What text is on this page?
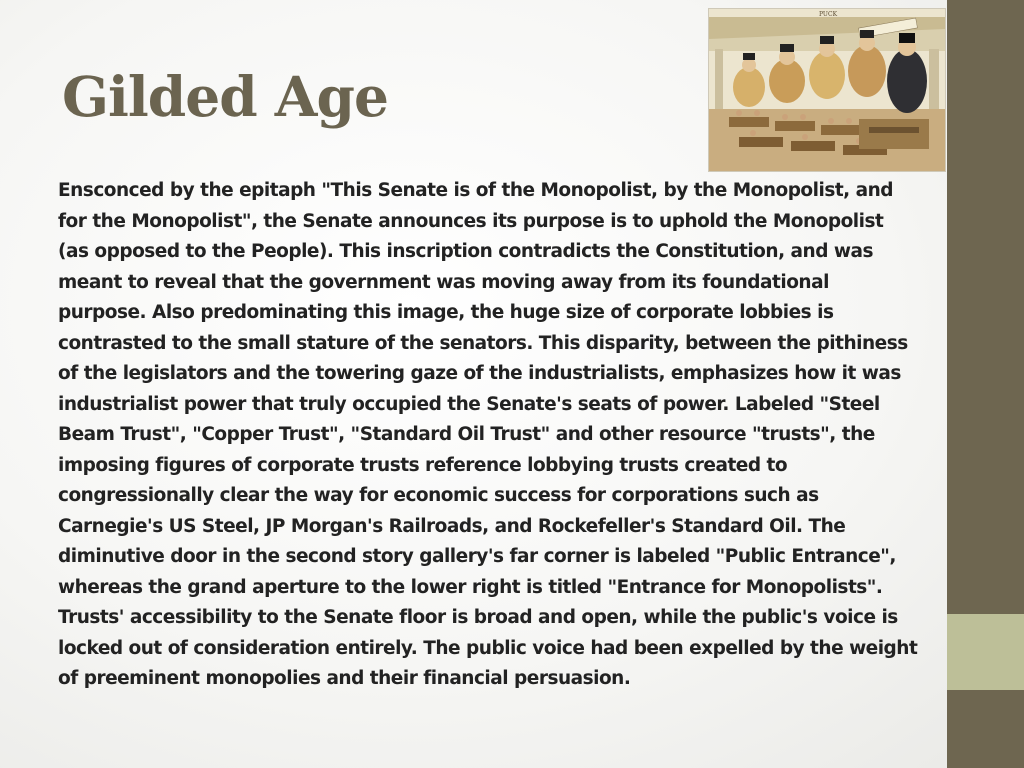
Gilded Age
PUCK

Ensconced by the epitaph "This Senate is of the Monopolist, by the Monopolist, and for the Monopolist", the Senate announces its purpose is to uphold the Monopolist (as opposed to the People). This inscription contradicts the Constitution, and was meant to reveal that the government was moving away from its foundational purpose. Also predominating this image, the huge size of corporate lobbies is contrasted to the small stature of the senators. This disparity, between the pithiness of the legislators and the towering gaze of the industrialists, emphasizes how it was industrialist power that truly occupied the Senate's seats of power. Labeled "Steel Beam Trust", "Copper Trust", "Standard Oil Trust" and other resource "trusts", the imposing figures of corporate trusts reference lobbying trusts created to congressionally clear the way for economic success for corporations such as Carnegie's US Steel, JP Morgan's Railroads, and Rockefeller's Standard Oil. The diminutive door in the second story gallery's far corner is labeled "Public Entrance", whereas the grand aperture to the lower right is titled "Entrance for Monopolists". Trusts' accessibility to the Senate floor is broad and open, while the public's voice is locked out of consideration entirely. The public voice had been expelled by the weight of preeminent monopolies and their financial persuasion.
